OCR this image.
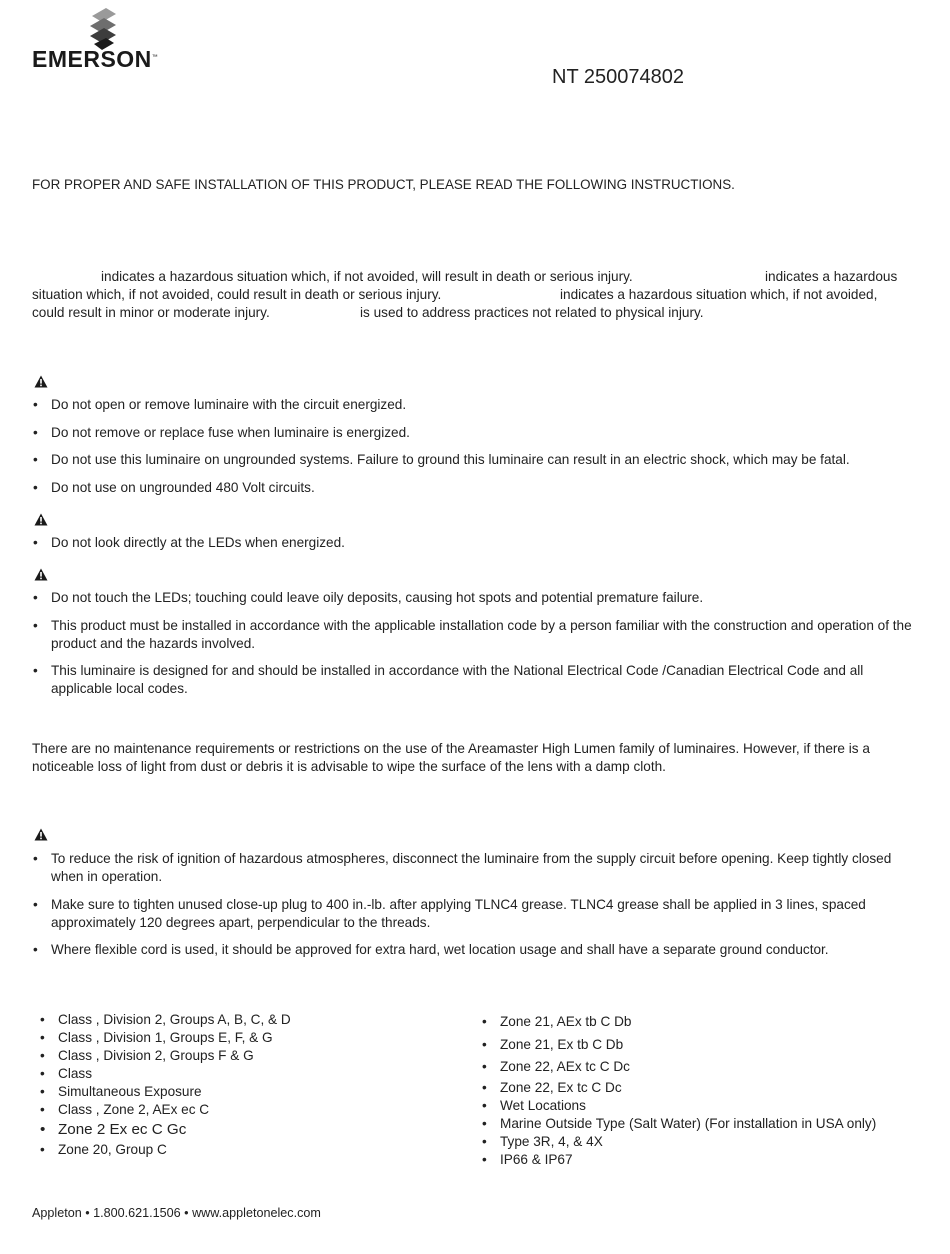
EMERSON™
NT 250074802
FOR PROPER AND SAFE INSTALLATION OF THIS PRODUCT, PLEASE READ THE FOLLOWING INSTRUCTIONS.
indicates a hazardous situation which, if not avoided, will result in death or serious injury.	indicates a hazardous
situation which, if not avoided, could result in death or serious injury.	indicates a hazardous situation which, if not avoided,
could result in minor or moderate injury.	is used to address practices not related to physical injury.
• Do not open or remove luminaire with the circuit energized.
• Do not remove or replace fuse when luminaire is energized.
• Do not use this luminaire on ungrounded systems. Failure to ground this luminaire can result in an electric shock, which may be fatal.
• Do not use on ungrounded 480 Volt circuits.
• Do not look directly at the LEDs when energized.
• Do not touch the LEDs; touching could leave oily deposits, causing hot spots and potential premature failure.
• This product must be installed in accordance with the applicable installation code by a person familiar with the construction and operation of the product and the hazards involved.
• This luminaire is designed for and should be installed in accordance with the National Electrical Code /Canadian Electrical Code and all applicable local codes.
There are no maintenance requirements or restrictions on the use of the Areamaster High Lumen family of luminaires. However, if there is a noticeable loss of light from dust or debris it is advisable to wipe the surface of the lens with a damp cloth.
• To reduce the risk of ignition of hazardous atmospheres, disconnect the luminaire from the supply circuit before opening. Keep tightly closed when in operation.
• Make sure to tighten unused close-up plug to 400 in.-lb. after applying TLNC4 grease. TLNC4 grease shall be applied in 3 lines, spaced approximately 120 degrees apart, perpendicular to the threads.
• Where flexible cord is used, it should be approved for extra hard, wet location usage and shall have a separate ground conductor.
• Class , Division 2, Groups A, B, C, & D
• Class , Division 1, Groups E, F, & G
• Class , Division 2, Groups F & G
• Class
• Simultaneous Exposure
• Class , Zone 2, AEx ec C
• Zone 2 Ex ec C Gc
• Zone 20, Group C
• Zone 21, AEx tb C Db
• Zone 21, Ex tb C Db
• Zone 22, AEx tc C Dc
• Zone 22, Ex tc C Dc
• Wet Locations
• Marine Outside Type (Salt Water) (For installation in USA only)
• Type 3R, 4, & 4X
• IP66 & IP67
Appleton • 1.800.621.1506 • www.appletonelec.com
